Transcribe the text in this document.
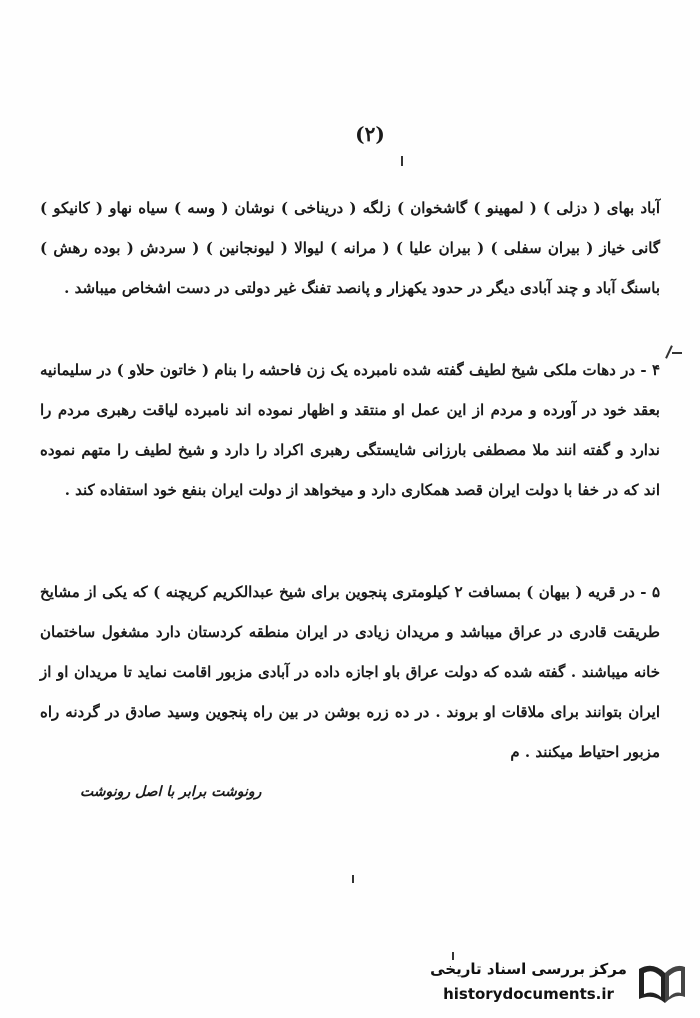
(٢)
آباد بهای ( دزلی ) ( لمهینو ) گاشخوان ) زلگه ( دریناخی ) نوشان ( وسه ) سیاه نهاو ( کانیکو ) گانی خیاز ( بیران سفلی ) ( بیران علیا ) ( مرانه ) لیوالا ( لیونجانین ) ( سردش ( بوده رهش ) باسنگ آباد و چند آبادی دیگر در حدود یکهزار و پانصد تفنگ غیر دولتی در دست اشخاص میباشد .
۴ - در دهات ملکی شیخ لطیف گفته شده نامبرده یک زن فاحشه را بنام ( خاتون حلاو ) در سلیمانیه بعقد خود در آورده و مردم از این عمل او منتقد و اظهار نموده اند نامبرده لیاقت رهبری مردم را ندارد و گفته انند ملا مصطفی بارزانی شایستگی رهبری اکراد را دارد و شیخ لطیف را متهم نموده اند که در خفا با دولت ایران قصد همکاری دارد و میخواهد از دولت ایران بنفع خود استفاده کند .
۵ - در قریه ( بیهان ) بمسافت ۲ کیلومتری پنجوین برای شیخ عبدالکریم کریچنه ) که یکی از مشایخ طریقت قادری در عراق میباشد و مریدان زیادی در ایران منطقه کردستان دارد مشغول ساختمان خانه میباشند . گفته شده که دولت عراق باو اجازه داده در آبادی مزبور اقامت نماید تا مریدان او از ایران بتوانند برای ملاقات او بروند . در ده زره بوشن در بین راه پنجوین وسید صادق در گردنه راه مزبور احتیاط میکنند . م
رونوشت برابر با اصل رونوشت
مرکز بررسی اسناد تاریخی
historydocuments.ir
